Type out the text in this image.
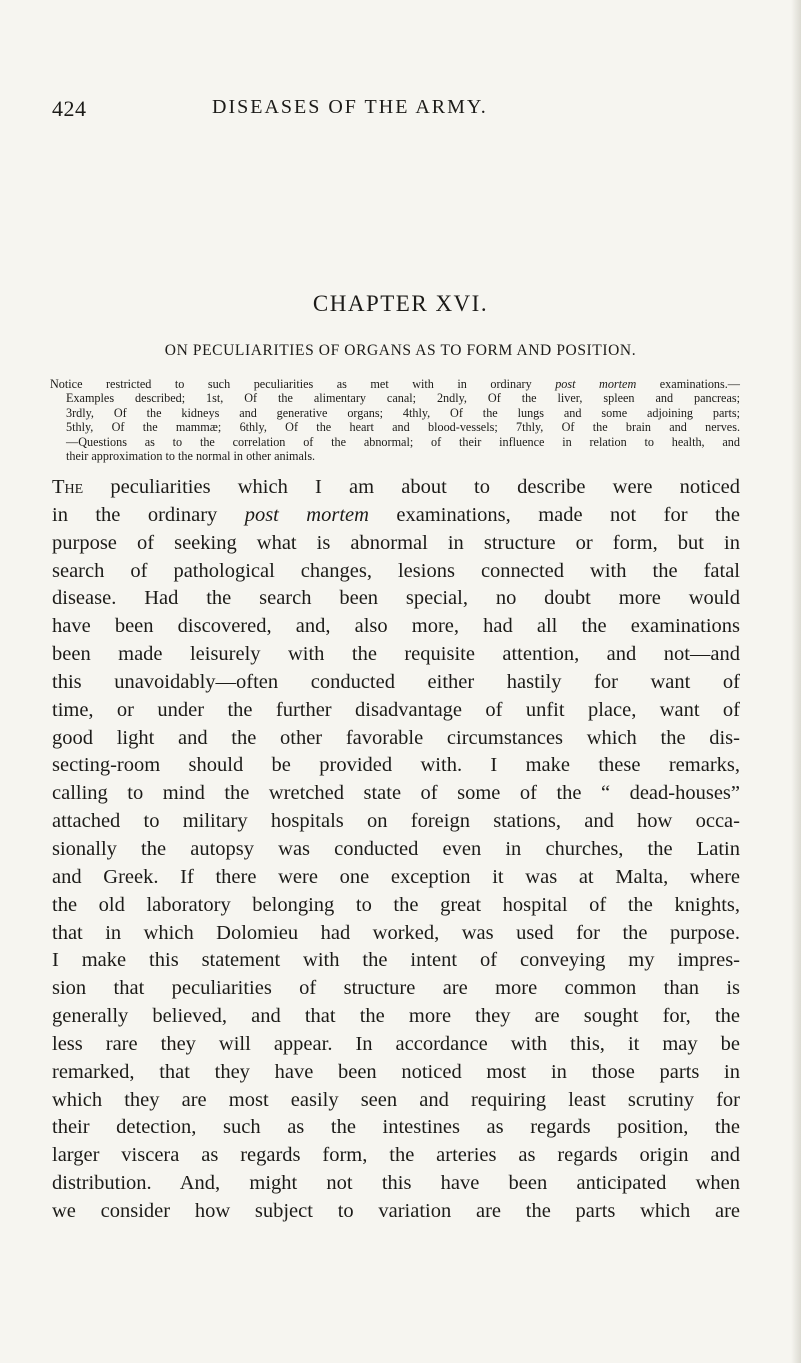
424	DISEASES OF THE ARMY.
CHAPTER XVI.
ON PECULIARITIES OF ORGANS AS TO FORM AND POSITION.

Notice restricted to such peculiarities as met with in ordinary post mortem examinations.—
Examples described; 1st, Of the alimentary canal; 2ndly, Of the liver, spleen and pancreas;
3rdly, Of the kidneys and generative organs; 4thly, Of the lungs and some adjoining parts;
5thly, Of the mammæ; 6thly, Of the heart and blood-vessels; 7thly, Of the brain and nerves.
—Questions as to the correlation of the abnormal; of their influence in relation to health, and
their approximation to the normal in other animals.

The peculiarities which I am about to describe were noticed
in the ordinary post mortem examinations, made not for the
purpose of seeking what is abnormal in structure or form, but in
search of pathological changes, lesions connected with the fatal
disease. Had the search been special, no doubt more would
have been discovered, and, also more, had all the examinations
been made leisurely with the requisite attention, and not—and
this unavoidably—often conducted either hastily for want of
time, or under the further disadvantage of unfit place, want of
good light and the other favorable circumstances which the dis-
secting-room should be provided with. I make these remarks,
calling to mind the wretched state of some of the “ dead-houses”
attached to military hospitals on foreign stations, and how occa-
sionally the autopsy was conducted even in churches, the Latin
and Greek. If there were one exception it was at Malta, where
the old laboratory belonging to the great hospital of the knights,
that in which Dolomieu had worked, was used for the purpose.
I make this statement with the intent of conveying my impres-
sion that peculiarities of structure are more common than is
generally believed, and that the more they are sought for, the
less rare they will appear. In accordance with this, it may be
remarked, that they have been noticed most in those parts in
which they are most easily seen and requiring least scrutiny for
their detection, such as the intestines as regards position, the
larger viscera as regards form, the arteries as regards origin and
distribution. And, might not this have been anticipated when
we consider how subject to variation are the parts which are
